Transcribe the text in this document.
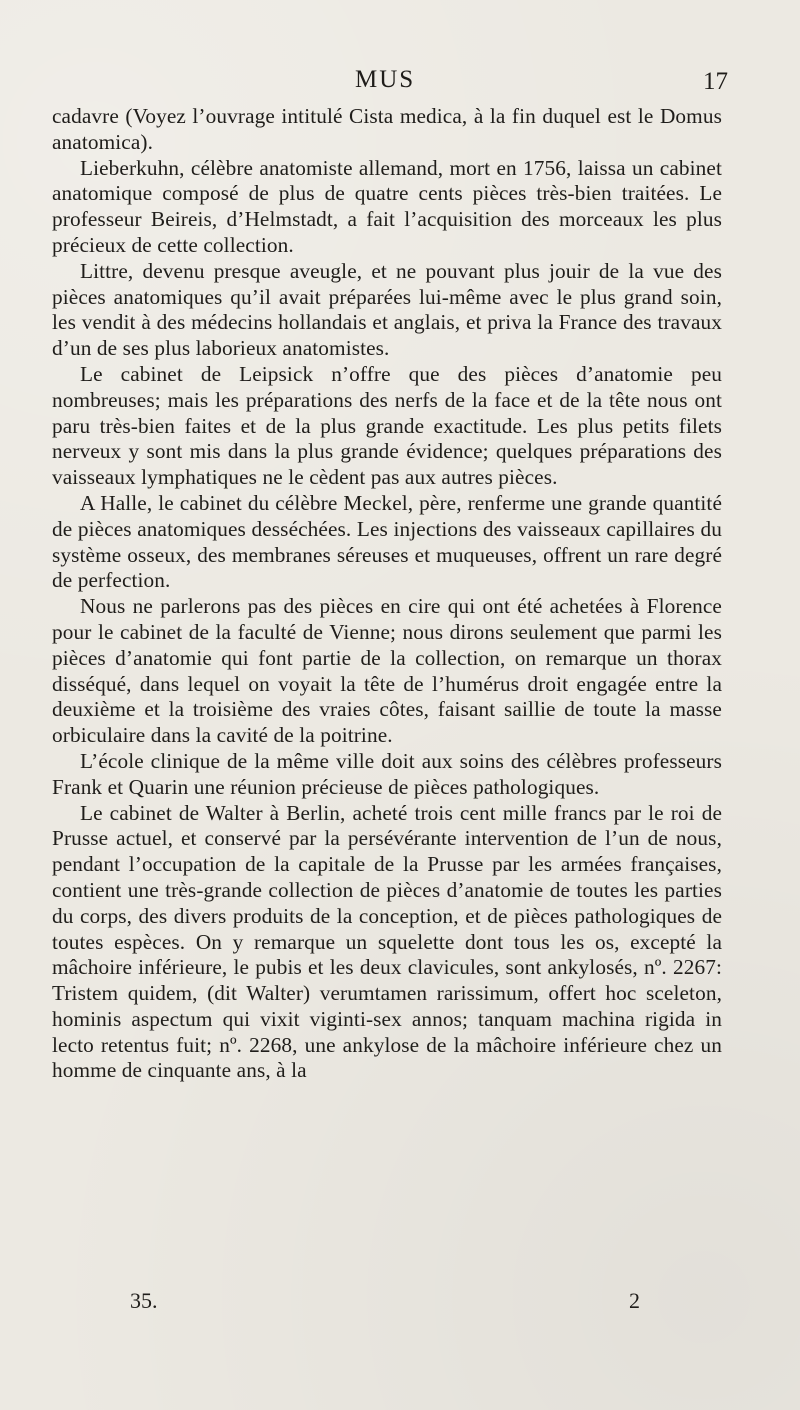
MUS	17

cadavre (Voyez l’ouvrage intitulé Cista medica, à la fin duquel est le Domus anatomica).

Lieberkuhn, célèbre anatomiste allemand, mort en 1756, laissa un cabinet anatomique composé de plus de quatre cents pièces très-bien traitées. Le professeur Beireis, d’Helmstadt, a fait l’acquisition des morceaux les plus précieux de cette collection.

Littre, devenu presque aveugle, et ne pouvant plus jouir de la vue des pièces anatomiques qu’il avait préparées lui-même avec le plus grand soin, les vendit à des médecins hollandais et anglais, et priva la France des travaux d’un de ses plus laborieux anatomistes.

Le cabinet de Leipsick n’offre que des pièces d’anatomie peu nombreuses; mais les préparations des nerfs de la face et de la tête nous ont paru très-bien faites et de la plus grande exactitude. Les plus petits filets nerveux y sont mis dans la plus grande évidence; quelques préparations des vaisseaux lymphatiques ne le cèdent pas aux autres pièces.

A Halle, le cabinet du célèbre Meckel, père, renferme une grande quantité de pièces anatomiques desséchées. Les injections des vaisseaux capillaires du système osseux, des membranes séreuses et muqueuses, offrent un rare degré de perfection.

Nous ne parlerons pas des pièces en cire qui ont été achetées à Florence pour le cabinet de la faculté de Vienne; nous dirons seulement que parmi les pièces d’anatomie qui font partie de la collection, on remarque un thorax disséqué, dans lequel on voyait la tête de l’humérus droit engagée entre la deuxième et la troisième des vraies côtes, faisant saillie de toute la masse orbiculaire dans la cavité de la poitrine.

L’école clinique de la même ville doit aux soins des célèbres professeurs Frank et Quarin une réunion précieuse de pièces pathologiques.

Le cabinet de Walter à Berlin, acheté trois cent mille francs par le roi de Prusse actuel, et conservé par la persévérante intervention de l’un de nous, pendant l’occupation de la capitale de la Prusse par les armées françaises, contient une très-grande collection de pièces d’anatomie de toutes les parties du corps, des divers produits de la conception, et de pièces pathologiques de toutes espèces. On y remarque un squelette dont tous les os, excepté la mâchoire inférieure, le pubis et les deux clavicules, sont ankylosés, nº. 2267: Tristem quidem, (dit Walter) verumtamen rarissimum, offert hoc sceleton, hominis aspectum qui vixit viginti-sex annos; tanquam machina rigida in lecto retentus fuit; nº. 2268, une ankylose de la mâchoire inférieure chez un homme de cinquante ans, à la

35.	2
